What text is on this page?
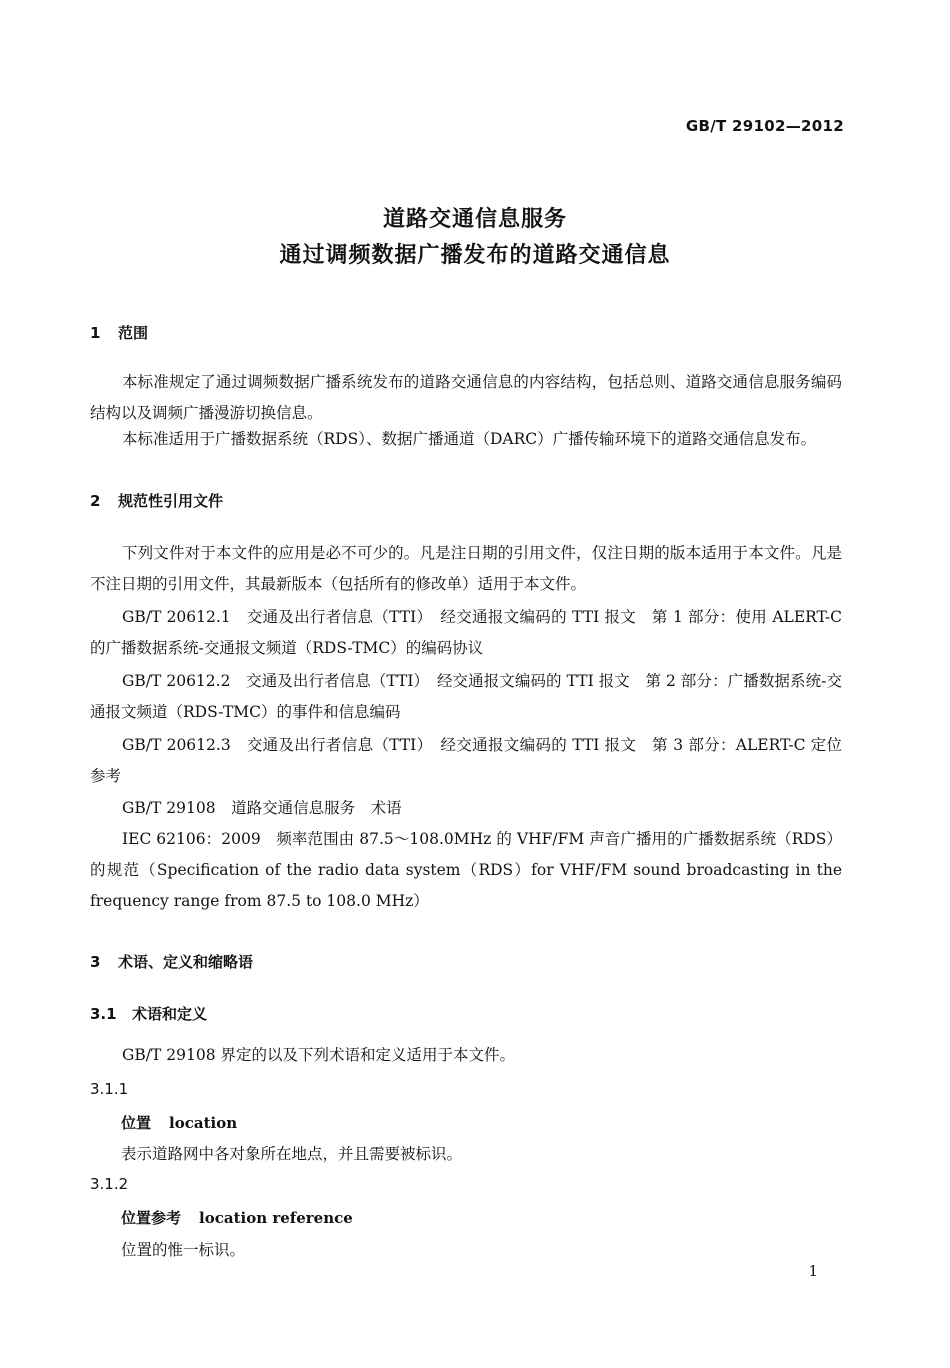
GB/T 29102—2012
道路交通信息服务
通过调频数据广播发布的道路交通信息
1 范围
本标准规定了通过调频数据广播系统发布的道路交通信息的内容结构，包括总则、道路交通信息服务编码结构以及调频广播漫游切换信息。
本标准适用于广播数据系统（RDS）、数据广播通道（DARC）广播传输环境下的道路交通信息发布。
2 规范性引用文件
下列文件对于本文件的应用是必不可少的。凡是注日期的引用文件，仅注日期的版本适用于本文件。凡是不注日期的引用文件，其最新版本（包括所有的修改单）适用于本文件。
GB/T 20612.1　交通及出行者信息（TTI）　经交通报文编码的 TTI 报文　第 1 部分：使用 ALERT-C的广播数据系统-交通报文频道（RDS-TMC）的编码协议
GB/T 20612.2　交通及出行者信息（TTI）　经交通报文编码的 TTI 报文　第 2 部分：广播数据系统-交通报文频道（RDS-TMC）的事件和信息编码
GB/T 20612.3　交通及出行者信息（TTI）　经交通报文编码的 TTI 报文　第 3 部分：ALERT-C 定位参考
GB/T 29108　道路交通信息服务　术语
IEC 62106：2009　频率范围由 87.5～108.0MHz 的 VHF/FM 声音广播用的广播数据系统（RDS）的规范（Specification of the radio data system（RDS）for VHF/FM sound broadcasting in the frequency range from 87.5 to 108.0 MHz）
3 术语、定义和缩略语
3.1 术语和定义
GB/T 29108 界定的以及下列术语和定义适用于本文件。
3.1.1
位置 location
表示道路网中各对象所在地点，并且需要被标识。
3.1.2
位置参考 location reference
位置的惟一标识。
1
